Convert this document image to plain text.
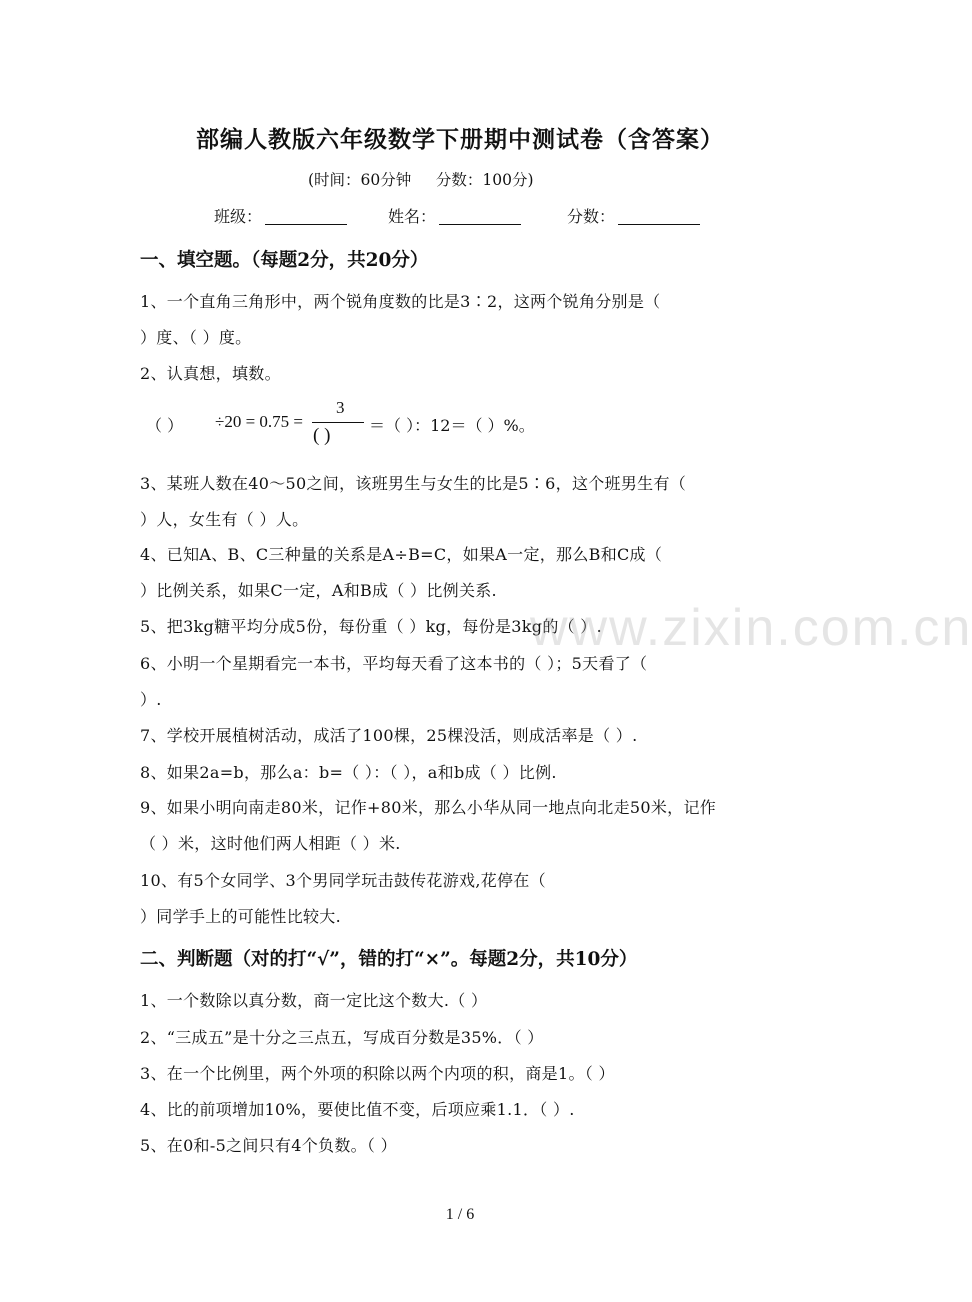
部编人教版六年级数学下册期中测试卷（含答案）
(时间：60分钟     分数：100分)
班级：	姓名：	分数：
一、填空题。（每题2分，共20分）
1、一个直角三角形中，两个锐角度数的比是3∶2，这两个锐角分别是（
）度、（ ）度。
2、认真想，填数。
（ ） ÷20 = 0.75 =
3
( ) ＝（ ）：12＝（ ）%。
3、某班人数在40～50之间，该班男生与女生的比是5∶6，这个班男生有（
）人，女生有（ ）人。
4、已知A、B、C三种量的关系是A÷B=C，如果A一定，那么B和C成（
）比例关系，如果C一定，A和B成（ ）比例关系.
5、把3kg糖平均分成5份，每份重（ ）kg，每份是3kg的（ ）.
6、小明一个星期看完一本书，平均每天看了这本书的（ ）；5天看了（
）.
7、学校开展植树活动，成活了100棵，25棵没活，则成活率是（ ）.
8、如果2a=b，那么a：b=（ ）：（ ），a和b成（ ）比例.
9、如果小明向南走80米，记作+80米，那么小华从同一地点向北走50米，记作
（ ）米，这时他们两人相距（ ）米.
10、有5个女同学、3个男同学玩击鼓传花游戏,花停在（
）同学手上的可能性比较大.
二、判断题（对的打“√”，错的打“×”。每题2分，共10分）
1、一个数除以真分数，商一定比这个数大.（ ）
2、“三成五”是十分之三点五，写成百分数是35%．（ ）
3、在一个比例里，两个外项的积除以两个内项的积，商是1。（ ）
4、比的前项增加10%，要使比值不变，后项应乘1.1．（ ）.
5、在0和-5之间只有4个负数。（ ）
www.zixin.com.cn
1 / 6
